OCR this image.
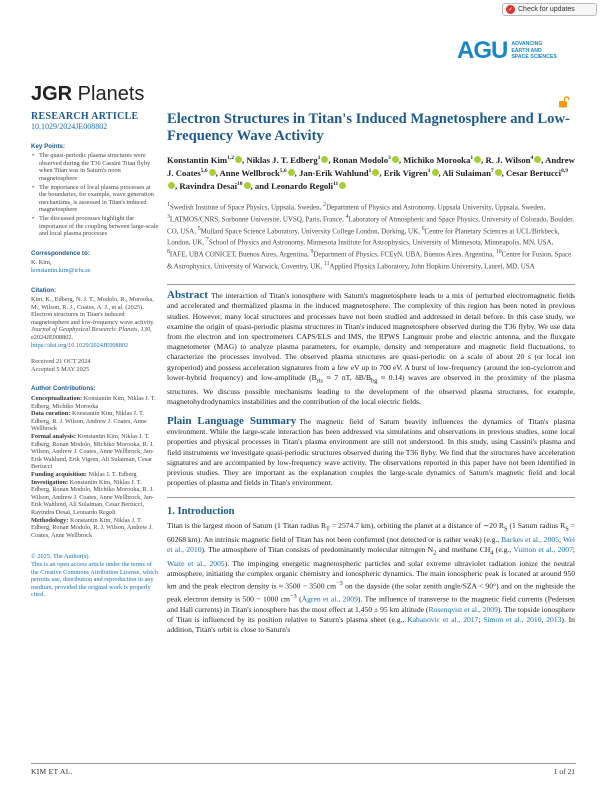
✓ Check for updates
AGU ADVANCING
EARTH AND
SPACE SCIENCES
JGR Planets
RESEARCH ARTICLE
10.1029/2024JE008802
Key Points:
• The quasi-periodic plasma structures were observed during the T36 Cassini Titan flyby when Titan was in Saturn's noon magnetosphere
• The importance of local plasma processes at the boundaries, for example, wave generation mechanisms, is assessed in Titan's induced magnetosphere
• The discussed processes highlight the importance of the coupling between large-scale and local plasma processes
Correspondence to:
K. Kim,
konstantin.kim@irfu.se
Citation:
Kim, K., Edberg, N. J. T., Modolo, R., Morooka, M., Wilson, R. J., Coates, A. J., et al. (2025). Electron structures in Titan's induced magnetosphere and low-frequency wave activity. Journal of Geophysical Research: Planets, 130, e2024JE008802. https://doi.org/10.1029/2024JE008802
Received 21 OCT 2024
Accepted 5 MAY 2025
Author Contributions:
Conceptualization: Konstantin Kim, Niklas J. T. Edberg, Michiko Morooka
Data curation: Konstantin Kim, Niklas J. T. Edberg, R. J. Wilson, Andrew J. Coates, Anne Wellbrock
Formal analysis: Konstantin Kim, Niklas J. T. Edberg, Ronan Modolo, Michiko Morooka, R. J. Wilson, Andrew J. Coates, Anne Wellbrock, Jan-Erik Wahlund, Erik Vigren, Ali Sulaiman, Cesar Bertucci
Funding acquisition: Niklas J. T. Edberg
Investigation: Konstantin Kim, Niklas J. T. Edberg, Ronan Modolo, Michiko Morooka, R. J. Wilson, Andrew J. Coates, Anne Wellbrock, Jan-Erik Wahlund, Ali Sulaiman, Cesar Bertucci, Ravindra Desai, Leonardo Regoli
Methodology: Konstantin Kim, Niklas J. T. Edberg, Ronan Modolo, R. J. Wilson, Andrew J. Coates, Anne Wellbrock
© 2025. The Author(s).
This is an open access article under the terms of the Creative Commons Attribution License, which permits use, distribution and reproduction in any medium, provided the original work is properly cited.
Electron Structures in Titan's Induced Magnetosphere and Low-Frequency Wave Activity
Konstantin Kim$^{1,2}$ , Niklas J. T. Edberg$^1$ , Ronan Modolo$^3$ , Michiko Morooka$^1$ , R. J. Wilson$^4$ , Andrew J. Coates$^{5,6}$ , Anne Wellbrock$^{5,6}$ , Jan-Erik Wahlund$^1$ , Erik Vigren$^1$ , Ali Sulaiman$^7$ , Cesar Bertucci$^{8,9}$, Ravindra Desai$^{10}$ , and Leonardo Regoli$^{11}$
$^1$Swedish Institute of Space Physics, Uppsala, Sweden, $^2$Department of Physics and Astronomy, Uppsala University, Uppsala, Sweden, $^3$LATMOS/CNRS, Sorbonne Université, UVSQ, Paris, France, $^4$Laboratory of Atmospheric and Space Physics, University of Colorado, Boulder, CO, USA, $^5$Mullard Space Science Laboratory, University College London, Dorking, UK, $^6$Centre for Planetary Sciences at UCL/Birkbeck, London, UK, $^7$School of Physics and Astronomy, Minnesota Institute for Astrophysics, University of Minnesota, Minneapolis, MN, USA, $^8$IAFE, UBA CONICET, Buenos Aires, Argentina, $^9$Department of Physics, FCEyN, UBA, Buenos Aires, Argentina, $^{10}$Centre for Fusion, Space & Astrophysics, University of Warwick, Coventry, UK, $^{11}$Applied Physics Laboratory, John Hopkins University, Laurel, MD, USA
Abstract The interaction of Titan's ionosphere with Saturn's magnetosphere leads to a mix of perturbed electromagnetic fields and accelerated and thermalized plasma in the induced magnetosphere. The complexity of this region has been noted in previous studies. However, many local structures and processes have not been studied and addressed in detail before. In this case study, we examine the origin of quasi-periodic plasma structures in Titan's induced magnetosphere observed during the T36 flyby. We use data from the electron and ion spectrometers CAPS/ELS and IMS, the RPWS Langmuir probe and electric antenna, and the fluxgate magnetometer (MAG) to analyze plasma parameters, for example, density and temperature and magnetic field fluctuations, to characterize the processes involved. The observed plasma structures are quasi-periodic on a scale of about 20 s (or local ion gyroperiod) and possess acceleration signatures from a few eV up to 700 eV. A burst of low-frequency (around the ion-cyclotron and lower-hybrid frequency) and low-amplitude ($B_{rts} \approx 7$ nT, $\delta B/B_{bg} \approx 0.14$) waves are observed in the proximity of the plasma structures. We discuss possible mechanisms leading to the development of the observed plasma structures, for example, magnetohydrodynamics instabilities and the contribution of the local electric fields.
Plain Language Summary The magnetic field of Saturn heavily influences the dynamics of Titan's plasma environment. While the large-scale interaction has been addressed via simulations and observations in previous studies, some local properties and physical processes in Titan's plasma environment are still not understood. In this study, using Cassini's plasma and field instruments we investigate quasi-periodic structures observed during the T36 flyby. We find that the structures have acceleration signatures and are accompanied by low-frequency wave activity. The observations reported in this paper have not been identified in previous studies. They are important as the explanation couples the large-scale dynamics of Saturn's magnetic field and local properties of plasma and fields in Titan's environment.
1. Introduction
Titan is the largest moon of Saturn (1 Titan radius $R_T = 2574.7$ km), orbiting the planet at a distance of ∼20 $R_S$ (1 Saturn radius $R_S = 60268$ km). An intrinsic magnetic field of Titan has not been confirmed (not detected or is rather weak) (e.g., Backes et al., 2005; Wei et al., 2010). The atmosphere of Titan consists of predominantly molecular nitrogen $N_2$ and methane $CH_4$ (e.g., Vuitton et al., 2007; Waite et al., 2005). The impinging energetic magnetospheric particles and solar extreme ultraviolet radiation ionize the neutral atmosphere, initiating the complex organic chemistry and ionospheric dynamics. The main ionospheric peak is located at around 950 km and the peak electron density is ≈ 3500 − 3500 $cm^{-3}$ on the dayside (the solar zenith angle/SZA < 90°) and on the nightside the peak electron density is 500 − 1000 $cm^{-3}$ (Ågren et al., 2009). The influence of transverse to the magnetic field currents (Pedersen and Hall currents) in Titan's ionosphere has the most effect at 1,450 ± 95 km altitude (Rosenqvist et al., 2009). The topside ionosphere of Titan is influenced by its position relative to Saturn's plasma sheet (e.g., Kabanovic et al., 2017; Simon et al., 2010, 2013). In addition, Titan's orbit is close to Saturn's
KIM ET AL.	1 of 21
